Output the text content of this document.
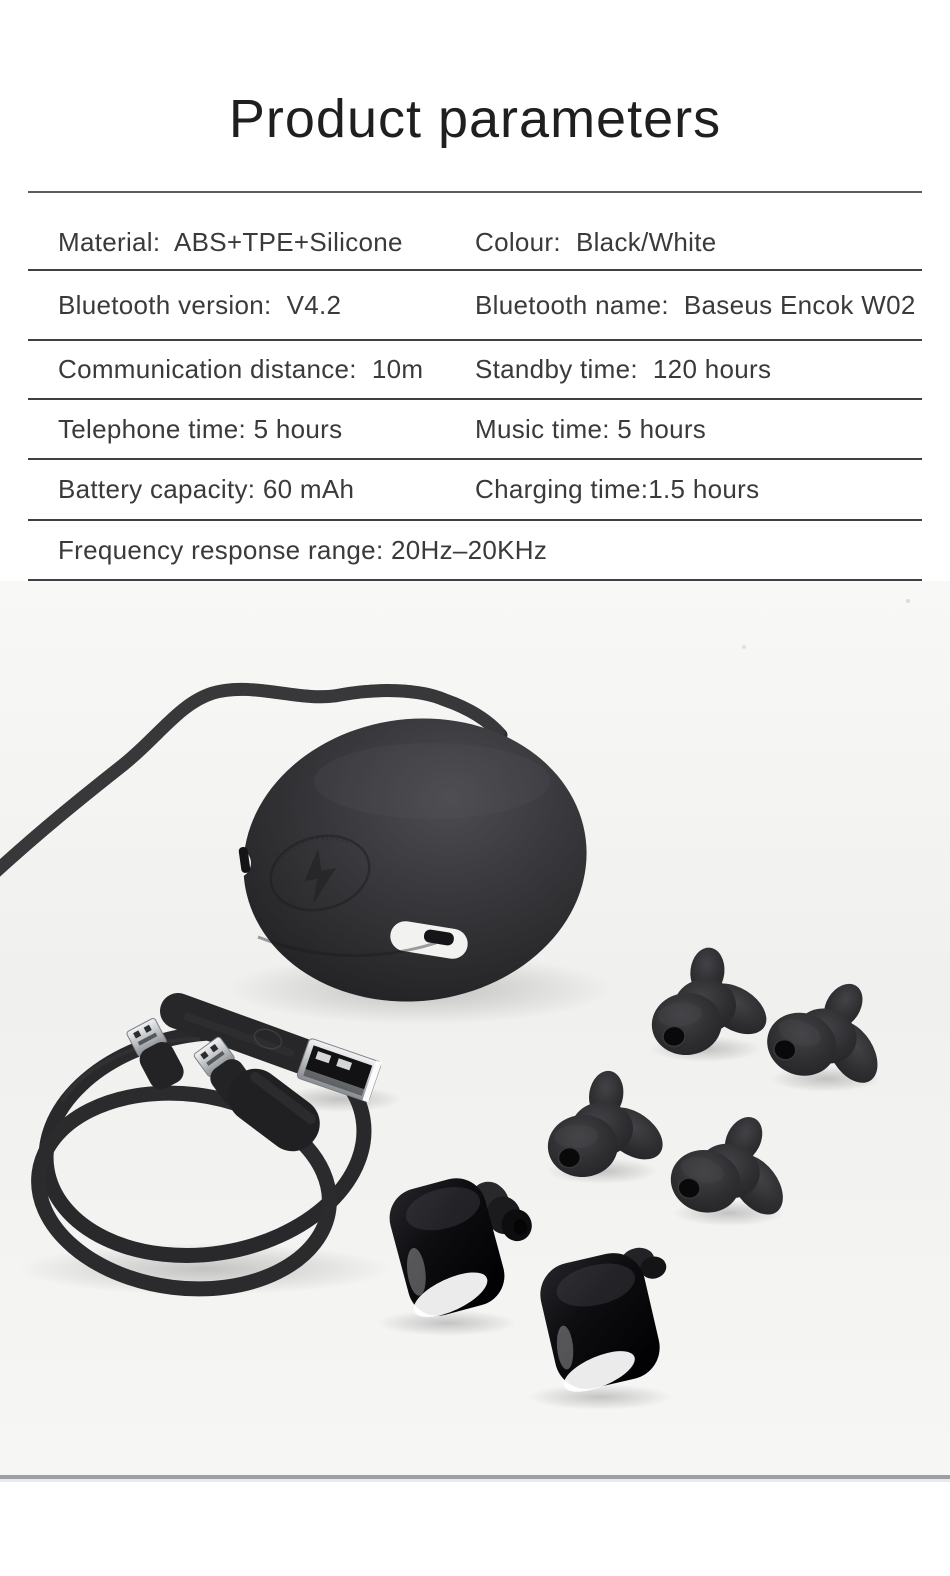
Product parameters
Material:  ABS+TPE+Silicone	Colour:  Black/White
Bluetooth version:  V4.2	Bluetooth name:  Baseus Encok W02
Communication distance:  10m	Standby time:  120 hours
Telephone time: 5 hours	Music time: 5 hours
Battery capacity: 60 mAh	Charging time:1.5 hours
Frequency response range: 20Hz–20KHz
